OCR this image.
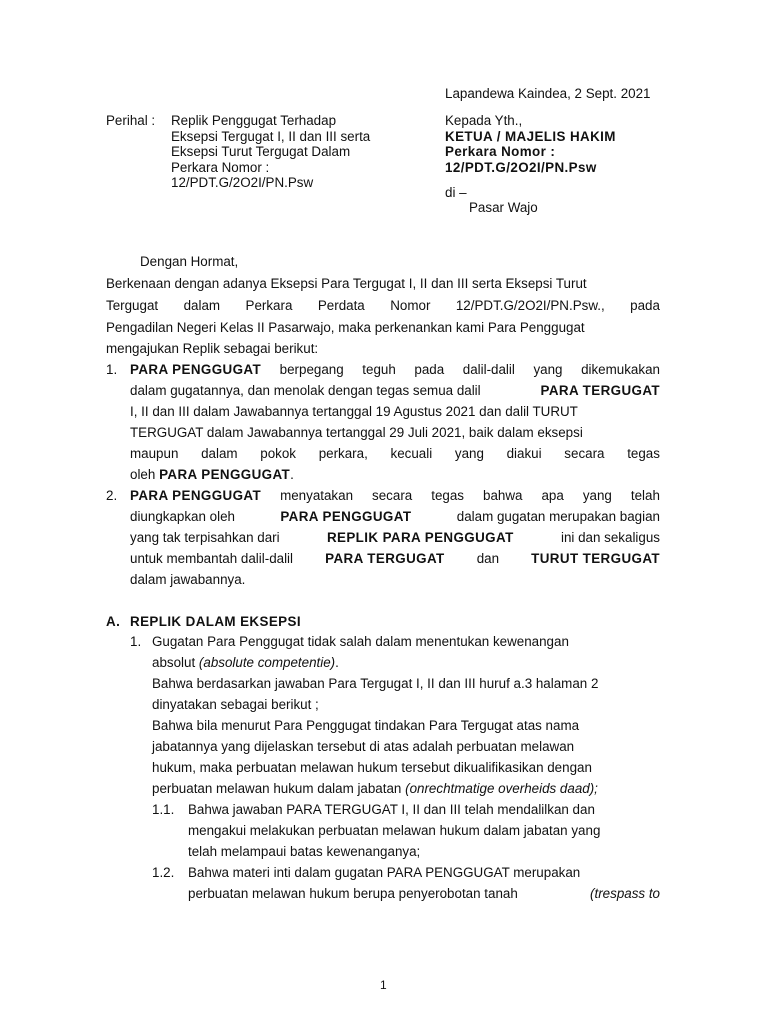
Lapandewa Kaindea, 2 Sept. 2021
Perihal : Replik Penggugat Terhadap
Eksepsi Tergugat I, II dan III serta
Eksepsi Turut Tergugat Dalam
Perkara Nomor :
12/PDT.G/2O2I/PN.Psw
Kepada Yth.,
KETUA / MAJELIS HAKIM
Perkara Nomor :
12/PDT.G/2O2I/PN.Psw
di –
Pasar Wajo
Dengan Hormat,
Berkenaan dengan adanya Eksepsi Para Tergugat I, II dan III serta Eksepsi Turut
Tergugat dalam Perkara Perdata Nomor 12/PDT.G/2O2I/PN.Psw., pada
Pengadilan Negeri Kelas II Pasarwajo, maka perkenankan kami Para Penggugat
mengajukan Replik sebagai berikut:
1. PARA PENGGUGAT berpegang teguh pada dalil-dalil yang dikemukakan
dalam gugatannya, dan menolak dengan tegas semua dalil	PARA TERGUGAT
I, II dan III dalam Jawabannya tertanggal 19 Agustus 2021 dan dalil TURUT
TERGUGAT dalam Jawabannya tertanggal 29 Juli 2021, baik dalam eksepsi
maupun dalam pokok perkara, kecuali yang diakui secara tegas
oleh PARA PENGGUGAT.
2. PARA PENGGUGAT menyatakan secara tegas bahwa apa yang telah
diungkapkan oleh	PARA PENGGUGAT	dalam gugatan merupakan bagian
yang tak terpisahkan dari	REPLIK PARA PENGGUGAT	ini dan sekaligus
untuk membantah dalil-dalil PARA TERGUGAT dan TURUT TERGUGAT
dalam jawabannya.
A. REPLIK DALAM EKSEPSI
1. Gugatan Para Penggugat tidak salah dalam menentukan kewenangan
absolut (absolute competentie).
Bahwa berdasarkan jawaban Para Tergugat I, II dan III huruf a.3 halaman 2
dinyatakan sebagai berikut ;
Bahwa bila menurut Para Penggugat tindakan Para Tergugat atas nama
jabatannya yang dijelaskan tersebut di atas adalah perbuatan melawan
hukum, maka perbuatan melawan hukum tersebut dikualifikasikan dengan
perbuatan melawan hukum dalam jabatan (onrechtmatige overheids daad);
1.1. Bahwa jawaban PARA TERGUGAT I, II dan III telah mendalilkan dan
mengakui melakukan perbuatan melawan hukum dalam jabatan yang
telah melampaui batas kewenanganya;
1.2. Bahwa materi inti dalam gugatan PARA PENGGUGAT merupakan
perbuatan melawan hukum berupa penyerobotan tanah	(trespass to
1
